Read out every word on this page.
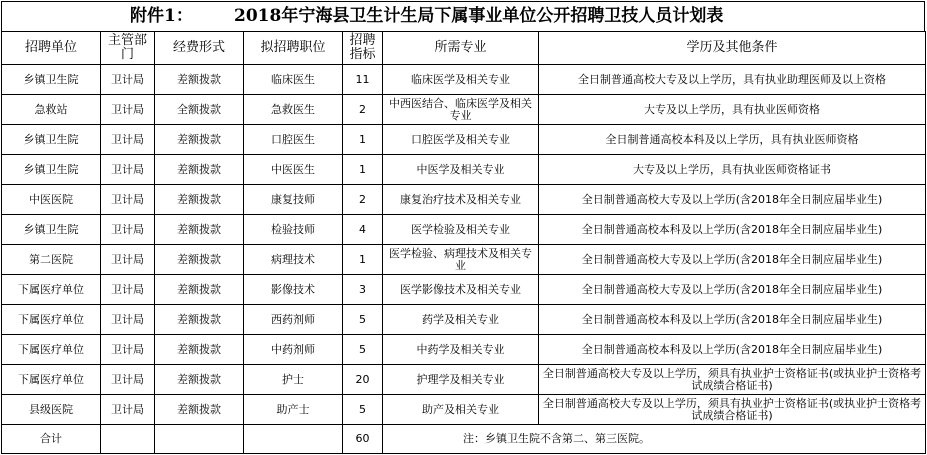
附件1： 2018年宁海县卫生计生局下属事业单位公开招聘卫技人员计划表
招聘单位	主管部门	经费形式	拟招聘职位	招聘指标	所需专业	学历及其他条件
乡镇卫生院	卫计局	差额拨款	临床医生	11	临床医学及相关专业	全日制普通高校大专及以上学历，具有执业助理医师及以上资格
急救站	卫计局	全额拨款	急救医生	2	中西医结合、临床医学及相关专业	大专及以上学历，具有执业医师资格
乡镇卫生院	卫计局	差额拨款	口腔医生	1	口腔医学及相关专业	全日制普通高校本科及以上学历，具有执业医师资格
乡镇卫生院	卫计局	差额拨款	中医医生	1	中医学及相关专业	大专及以上学历，具有执业医师资格证书
中医医院	卫计局	差额拨款	康复技师	2	康复治疗技术及相关专业	全日制普通高校大专及以上学历(含2018年全日制应届毕业生)
乡镇卫生院	卫计局	差额拨款	检验技师	4	医学检验及相关专业	全日制普通高校本科及以上学历(含2018年全日制应届毕业生)
第二医院	卫计局	差额拨款	病理技术	1	医学检验、病理技术及相关专业	全日制普通高校大专及以上学历(含2018年全日制应届毕业生)
下属医疗单位	卫计局	差额拨款	影像技术	3	医学影像技术及相关专业	全日制普通高校大专及以上学历(含2018年全日制应届毕业生)
下属医疗单位	卫计局	差额拨款	西药剂师	5	药学及相关专业	全日制普通高校本科及以上学历(含2018年全日制应届毕业生)
下属医疗单位	卫计局	差额拨款	中药剂师	5	中药学及相关专业	全日制普通高校本科及以上学历(含2018年全日制应届毕业生)
下属医疗单位	卫计局	差额拨款	护士	20	护理学及相关专业	全日制普通高校大专及以上学历，须具有执业护士资格证书(或执业护士资格考试成绩合格证书)
县级医院	卫计局	差额拨款	助产士	5	助产及相关专业	全日制普通高校大专及以上学历，须具有执业护士资格证书(或执业护士资格考试成绩合格证书)
合计				60	注：乡镇卫生院不含第二、第三医院。	
